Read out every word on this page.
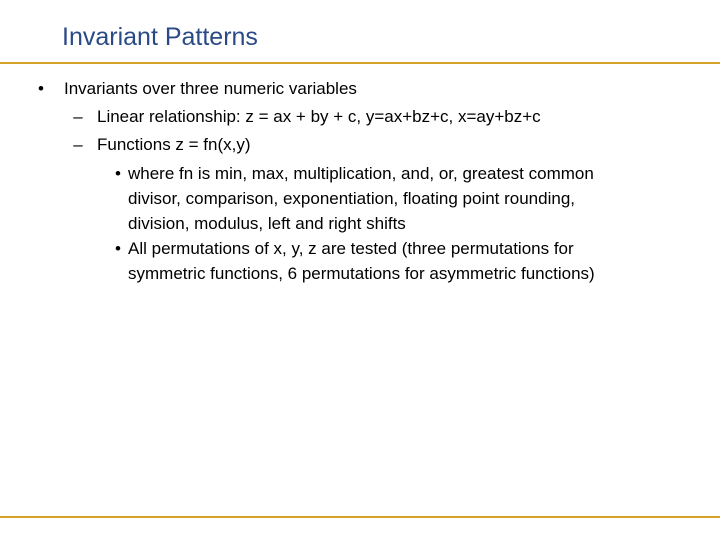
Invariant Patterns
• Invariants over three numeric variables
– Linear relationship: z = ax + by + c, y=ax+bz+c, x=ay+bz+c
– Functions z = fn(x,y)
• where fn is min, max, multiplication, and, or, greatest common
divisor, comparison, exponentiation, floating point rounding,
division, modulus, left and right shifts
• All permutations of x, y, z are tested (three permutations for
symmetric functions, 6 permutations for asymmetric functions)
